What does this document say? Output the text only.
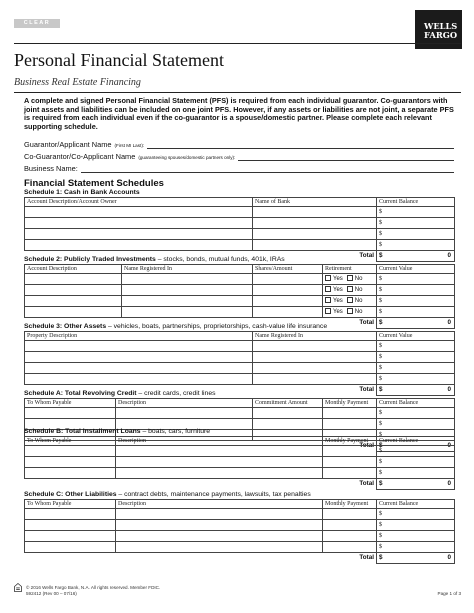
CLEAR	WELLS
FARGO
Personal Financial Statement
Business Real Estate Financing
A complete and signed Personal Financial Statement (PFS) is required from each individual guarantor. Co-guarantors with joint assets and liabilities can be included on one joint PFS. However, if any assets or liabilities are not joint, a separate PFS is required from each individual even if the co-guarantor is a spouse/domestic partner. Please complete each relevant supporting schedule.
Guarantor/Applicant Name (First MI Last):
Co-Guarantor/Co-Applicant Name (guaranteeing spouses/domestic partners only):
Business Name:
Financial Statement Schedules
Schedule 1: Cash in Bank Accounts
Account Description/Account Owner	Name of Bank	Current Balance
		$
		$
		$
		$
	Total	$ 0
Schedule 2: Publicly Traded Investments – stocks, bonds, mutual funds, 401k, IRAs
Account Description	Name Registered In	Shares/Amount	Retirement	Current Value
			Yes No	$
			Yes No	$
			Yes No	$
			Yes No	$
			Total	$ 0
Schedule 3: Other Assets – vehicles, boats, partnerships, proprietorships, cash-value life insurance
Property Description	Name Registered In	Current Value
		$
		$
		$
		$
	Total	$ 0
Schedule A: Total Revolving Credit – credit cards, credit lines
To Whom Payable	Description	Commitment Amount	Monthly Payment	Current Balance
				$
				$
				$
			Total	$ 0
Schedule B: Total Installment Loans – boats, cars, furniture
To Whom Payable	Description	Monthly Payment	Current Balance
			$
			$
			$
		Total	$ 0
Schedule C: Other Liabilities – contract debts, maintenance payments, lawsuits, tax penalties
To Whom Payable	Description	Monthly Payment	Current Balance
			$
			$
			$
			$
		Total	$ 0
© 2016 Wells Fargo Bank, N.A. All rights reserved. Member FDIC.
592412 (Rev 00 – 07/16)	Page 1 of 3
